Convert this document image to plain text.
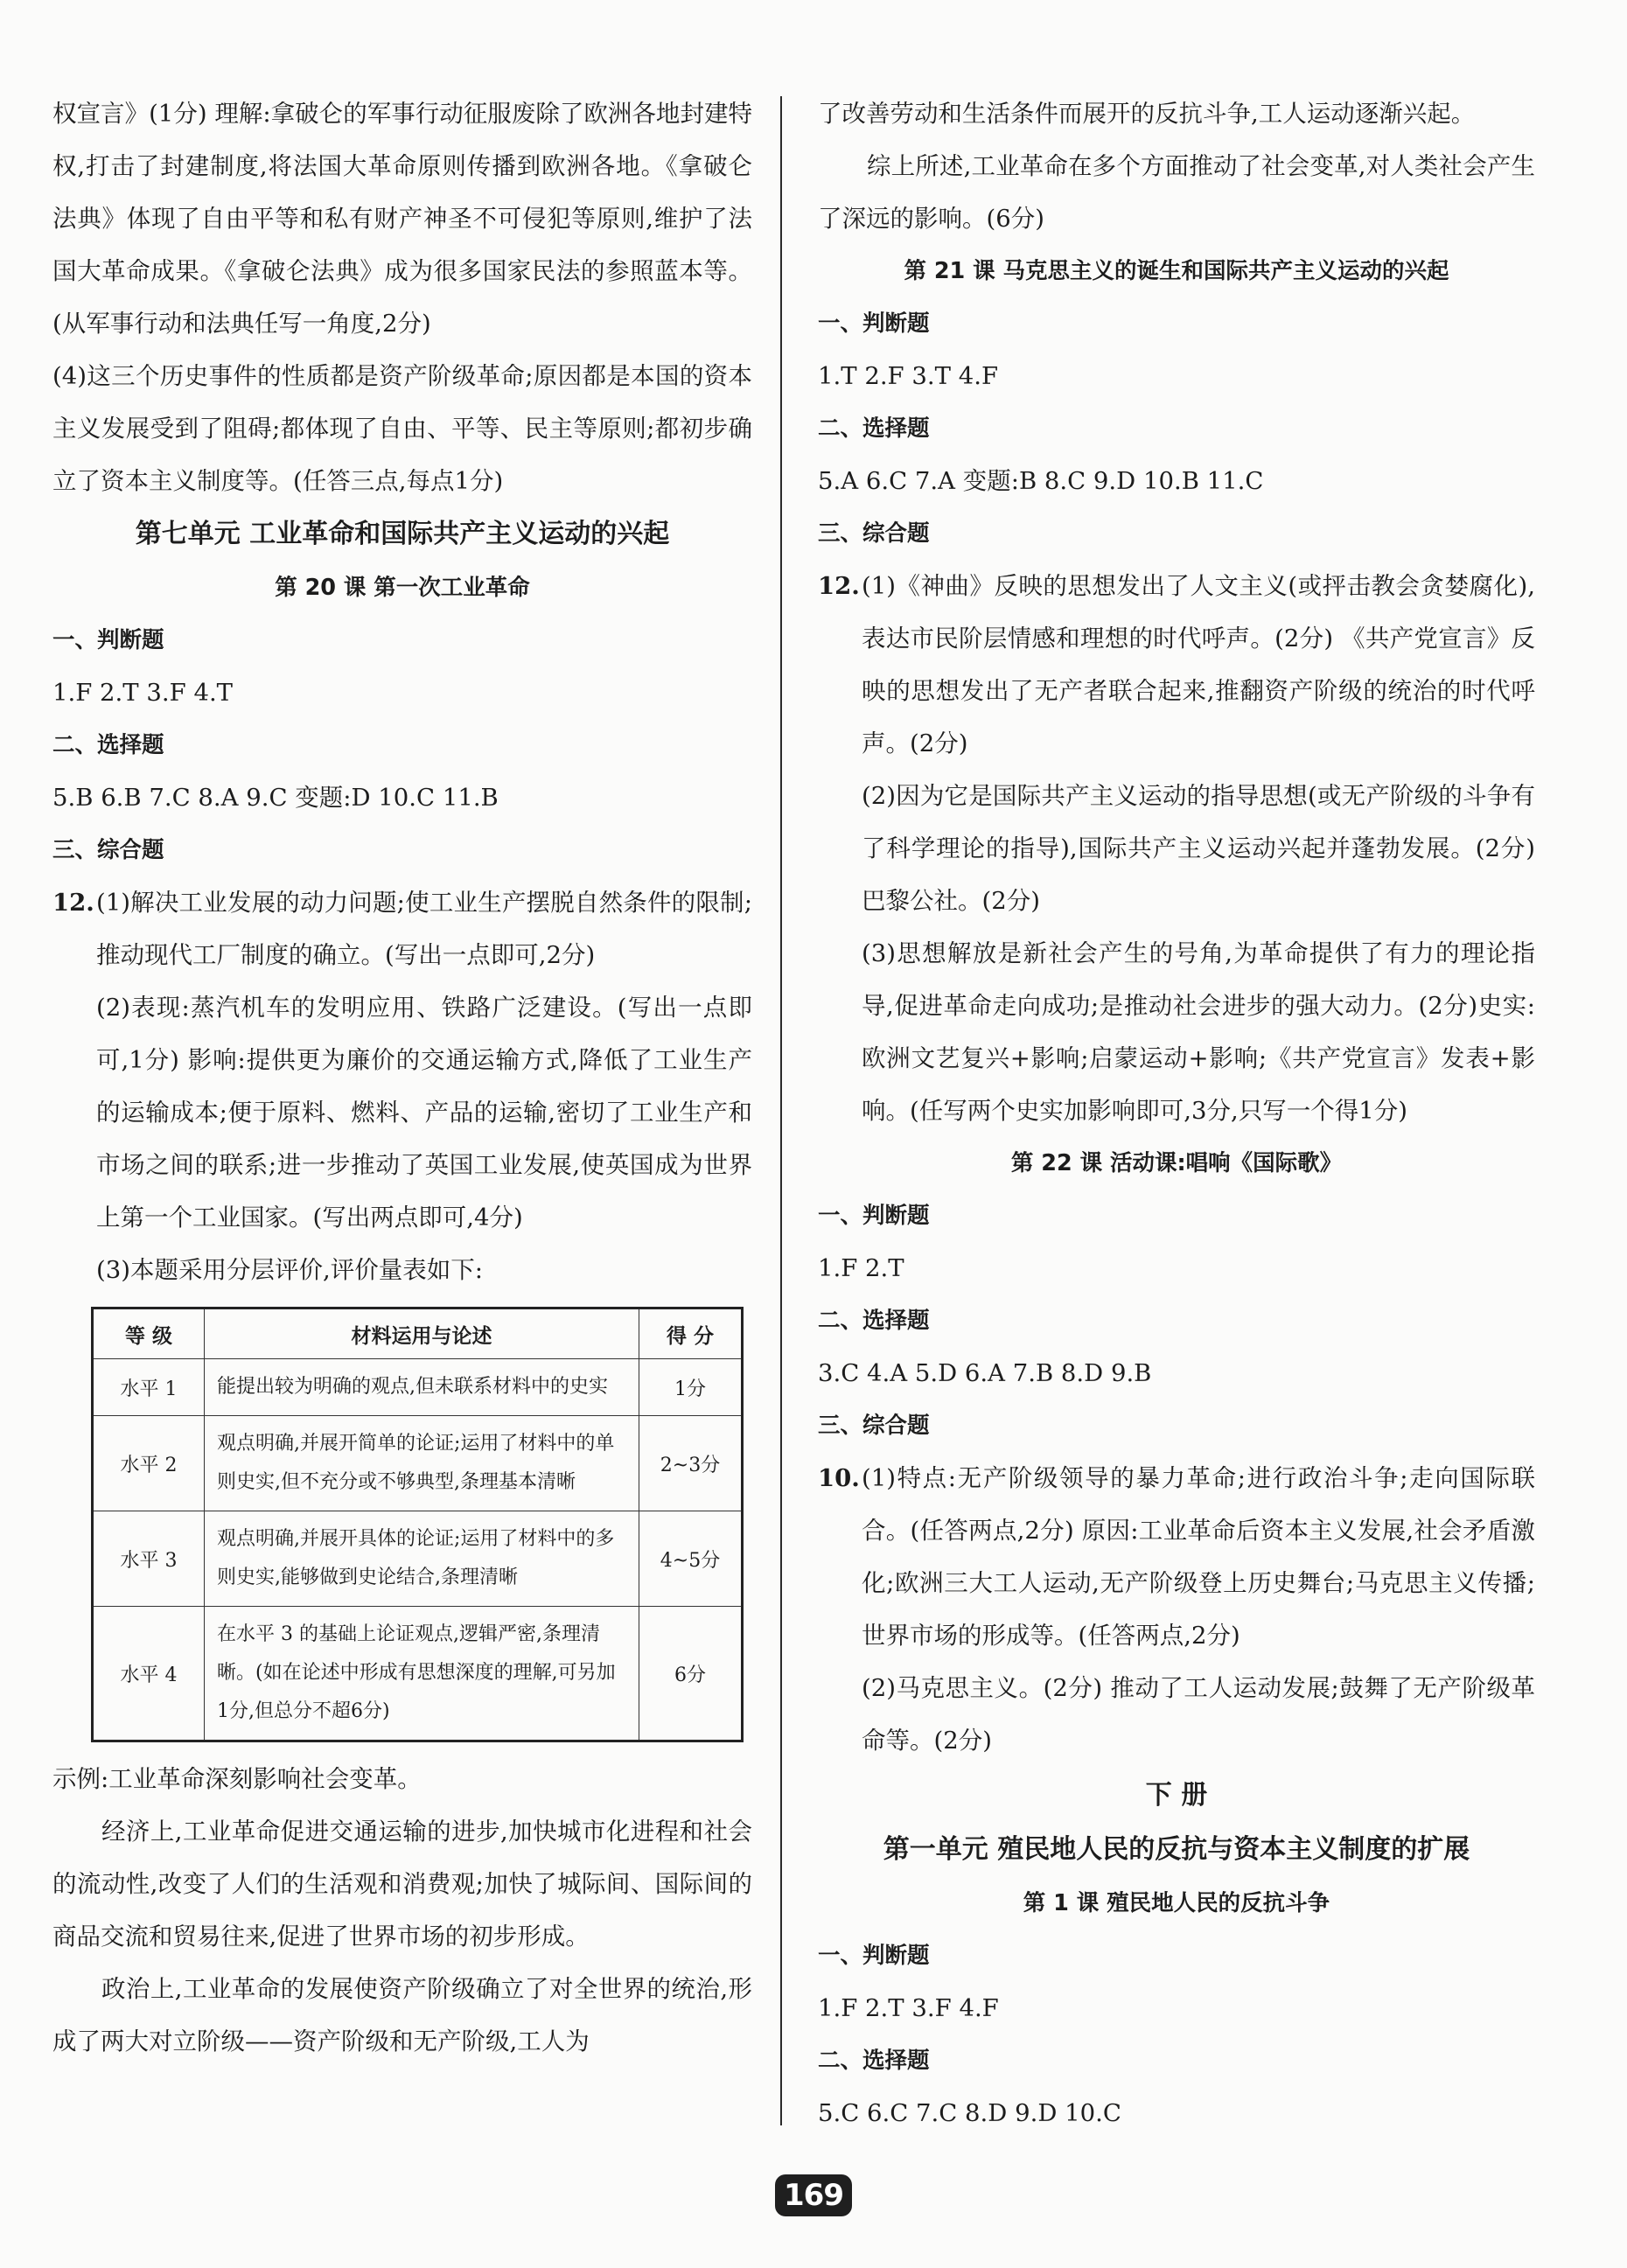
权宣言》(1分) 理解:拿破仑的军事行动征服废除了欧洲各地封建特权,打击了封建制度,将法国大革命原则传播到欧洲各地。《拿破仑法典》体现了自由平等和私有财产神圣不可侵犯等原则,维护了法国大革命成果。《拿破仑法典》成为很多国家民法的参照蓝本等。(从军事行动和法典任写一角度,2分)

(4)这三个历史事件的性质都是资产阶级革命;原因都是本国的资本主义发展受到了阻碍;都体现了自由、平等、民主等原则;都初步确立了资本主义制度等。(任答三点,每点1分)

第七单元 工业革命和国际共产主义运动的兴起
第 20 课 第一次工业革命
一、判断题
1.F 2.T 3.F 4.T
二、选择题
5.B 6.B 7.C 8.A 9.C 变题:D 10.C 11.B
三、综合题

12.(1)解决工业发展的动力问题;使工业生产摆脱自然条件的限制;推动现代工厂制度的确立。(写出一点即可,2分)

(2)表现:蒸汽机车的发明应用、铁路广泛建设。(写出一点即可,1分) 影响:提供更为廉价的交通运输方式,降低了工业生产的运输成本;便于原料、燃料、产品的运输,密切了工业生产和市场之间的联系;进一步推动了英国工业发展,使英国成为世界上第一个工业国家。(写出两点即可,4分)

(3)本题采用分层评价,评价量表如下:

等 级	材料运用与论述	得 分
水平 1	能提出较为明确的观点,但未联系材料中的史实	1分
水平 2	观点明确,并展开简单的论证;运用了材料中的单则史实,但不充分或不够典型,条理基本清晰	2~3分
水平 3	观点明确,并展开具体的论证;运用了材料中的多则史实,能够做到史论结合,条理清晰	4~5分
水平 4	在水平 3 的基础上论证观点,逻辑严密,条理清晰。(如在论述中形成有思想深度的理解,可另加1分,但总分不超6分)	6分

示例:工业革命深刻影响社会变革。

经济上,工业革命促进交通运输的进步,加快城市化进程和社会的流动性,改变了人们的生活观和消费观;加快了城际间、国际间的商品交流和贸易往来,促进了世界市场的初步形成。

政治上,工业革命的发展使资产阶级确立了对全世界的统治,形成了两大对立阶级——资产阶级和无产阶级,工人为

了改善劳动和生活条件而展开的反抗斗争,工人运动逐渐兴起。

综上所述,工业革命在多个方面推动了社会变革,对人类社会产生了深远的影响。(6分)

第 21 课 马克思主义的诞生和国际共产主义运动的兴起
一、判断题
1.T 2.F 3.T 4.F
二、选择题
5.A 6.C 7.A 变题:B 8.C 9.D 10.B 11.C
三、综合题

12.(1)《神曲》反映的思想发出了人文主义(或抨击教会贪婪腐化),表达市民阶层情感和理想的时代呼声。(2分) 《共产党宣言》反映的思想发出了无产者联合起来,推翻资产阶级的统治的时代呼声。(2分)

(2)因为它是国际共产主义运动的指导思想(或无产阶级的斗争有了科学理论的指导),国际共产主义运动兴起并蓬勃发展。(2分) 巴黎公社。(2分)

(3)思想解放是新社会产生的号角,为革命提供了有力的理论指导,促进革命走向成功;是推动社会进步的强大动力。(2分)史实:欧洲文艺复兴+影响;启蒙运动+影响;《共产党宣言》发表+影响。(任写两个史实加影响即可,3分,只写一个得1分)

第 22 课 活动课:唱响《国际歌》
一、判断题
1.F 2.T
二、选择题
3.C 4.A 5.D 6.A 7.B 8.D 9.B
三、综合题

10.(1)特点:无产阶级领导的暴力革命;进行政治斗争;走向国际联合。(任答两点,2分) 原因:工业革命后资本主义发展,社会矛盾激化;欧洲三大工人运动,无产阶级登上历史舞台;马克思主义传播;世界市场的形成等。(任答两点,2分)

(2)马克思主义。(2分) 推动了工人运动发展;鼓舞了无产阶级革命等。(2分)

下 册
第一单元 殖民地人民的反抗与资本主义制度的扩展
第 1 课 殖民地人民的反抗斗争
一、判断题
1.F 2.T 3.F 4.F
二、选择题
5.C 6.C 7.C 8.D 9.D 10.C
169
